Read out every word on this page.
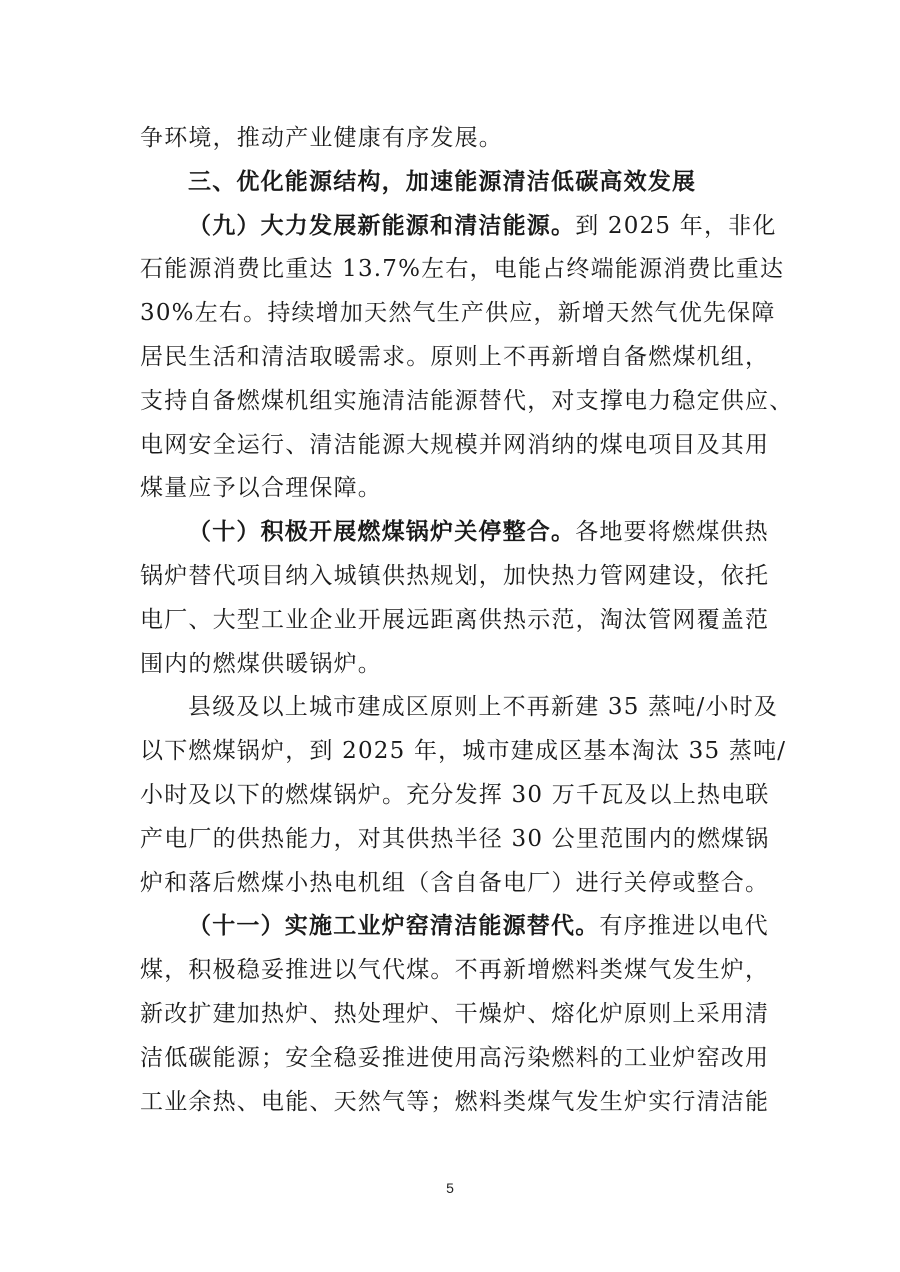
争环境，推动产业健康有序发展。
三、优化能源结构，加速能源清洁低碳高效发展
（九）大力发展新能源和清洁能源。到 2025 年，非化
石能源消费比重达 13.7%左右，电能占终端能源消费比重达
30%左右。持续增加天然气生产供应，新增天然气优先保障
居民生活和清洁取暖需求。原则上不再新增自备燃煤机组，
支持自备燃煤机组实施清洁能源替代，对支撑电力稳定供应、
电网安全运行、清洁能源大规模并网消纳的煤电项目及其用
煤量应予以合理保障。
（十）积极开展燃煤锅炉关停整合。各地要将燃煤供热
锅炉替代项目纳入城镇供热规划，加快热力管网建设，依托
电厂、大型工业企业开展远距离供热示范，淘汰管网覆盖范
围内的燃煤供暖锅炉。
县级及以上城市建成区原则上不再新建 35 蒸吨/小时及
以下燃煤锅炉，到 2025 年，城市建成区基本淘汰 35 蒸吨/
小时及以下的燃煤锅炉。充分发挥 30 万千瓦及以上热电联
产电厂的供热能力，对其供热半径 30 公里范围内的燃煤锅
炉和落后燃煤小热电机组（含自备电厂）进行关停或整合。
（十一）实施工业炉窑清洁能源替代。有序推进以电代
煤，积极稳妥推进以气代煤。不再新增燃料类煤气发生炉，
新改扩建加热炉、热处理炉、干燥炉、熔化炉原则上采用清
洁低碳能源；安全稳妥推进使用高污染燃料的工业炉窑改用
工业余热、电能、天然气等；燃料类煤气发生炉实行清洁能
5
